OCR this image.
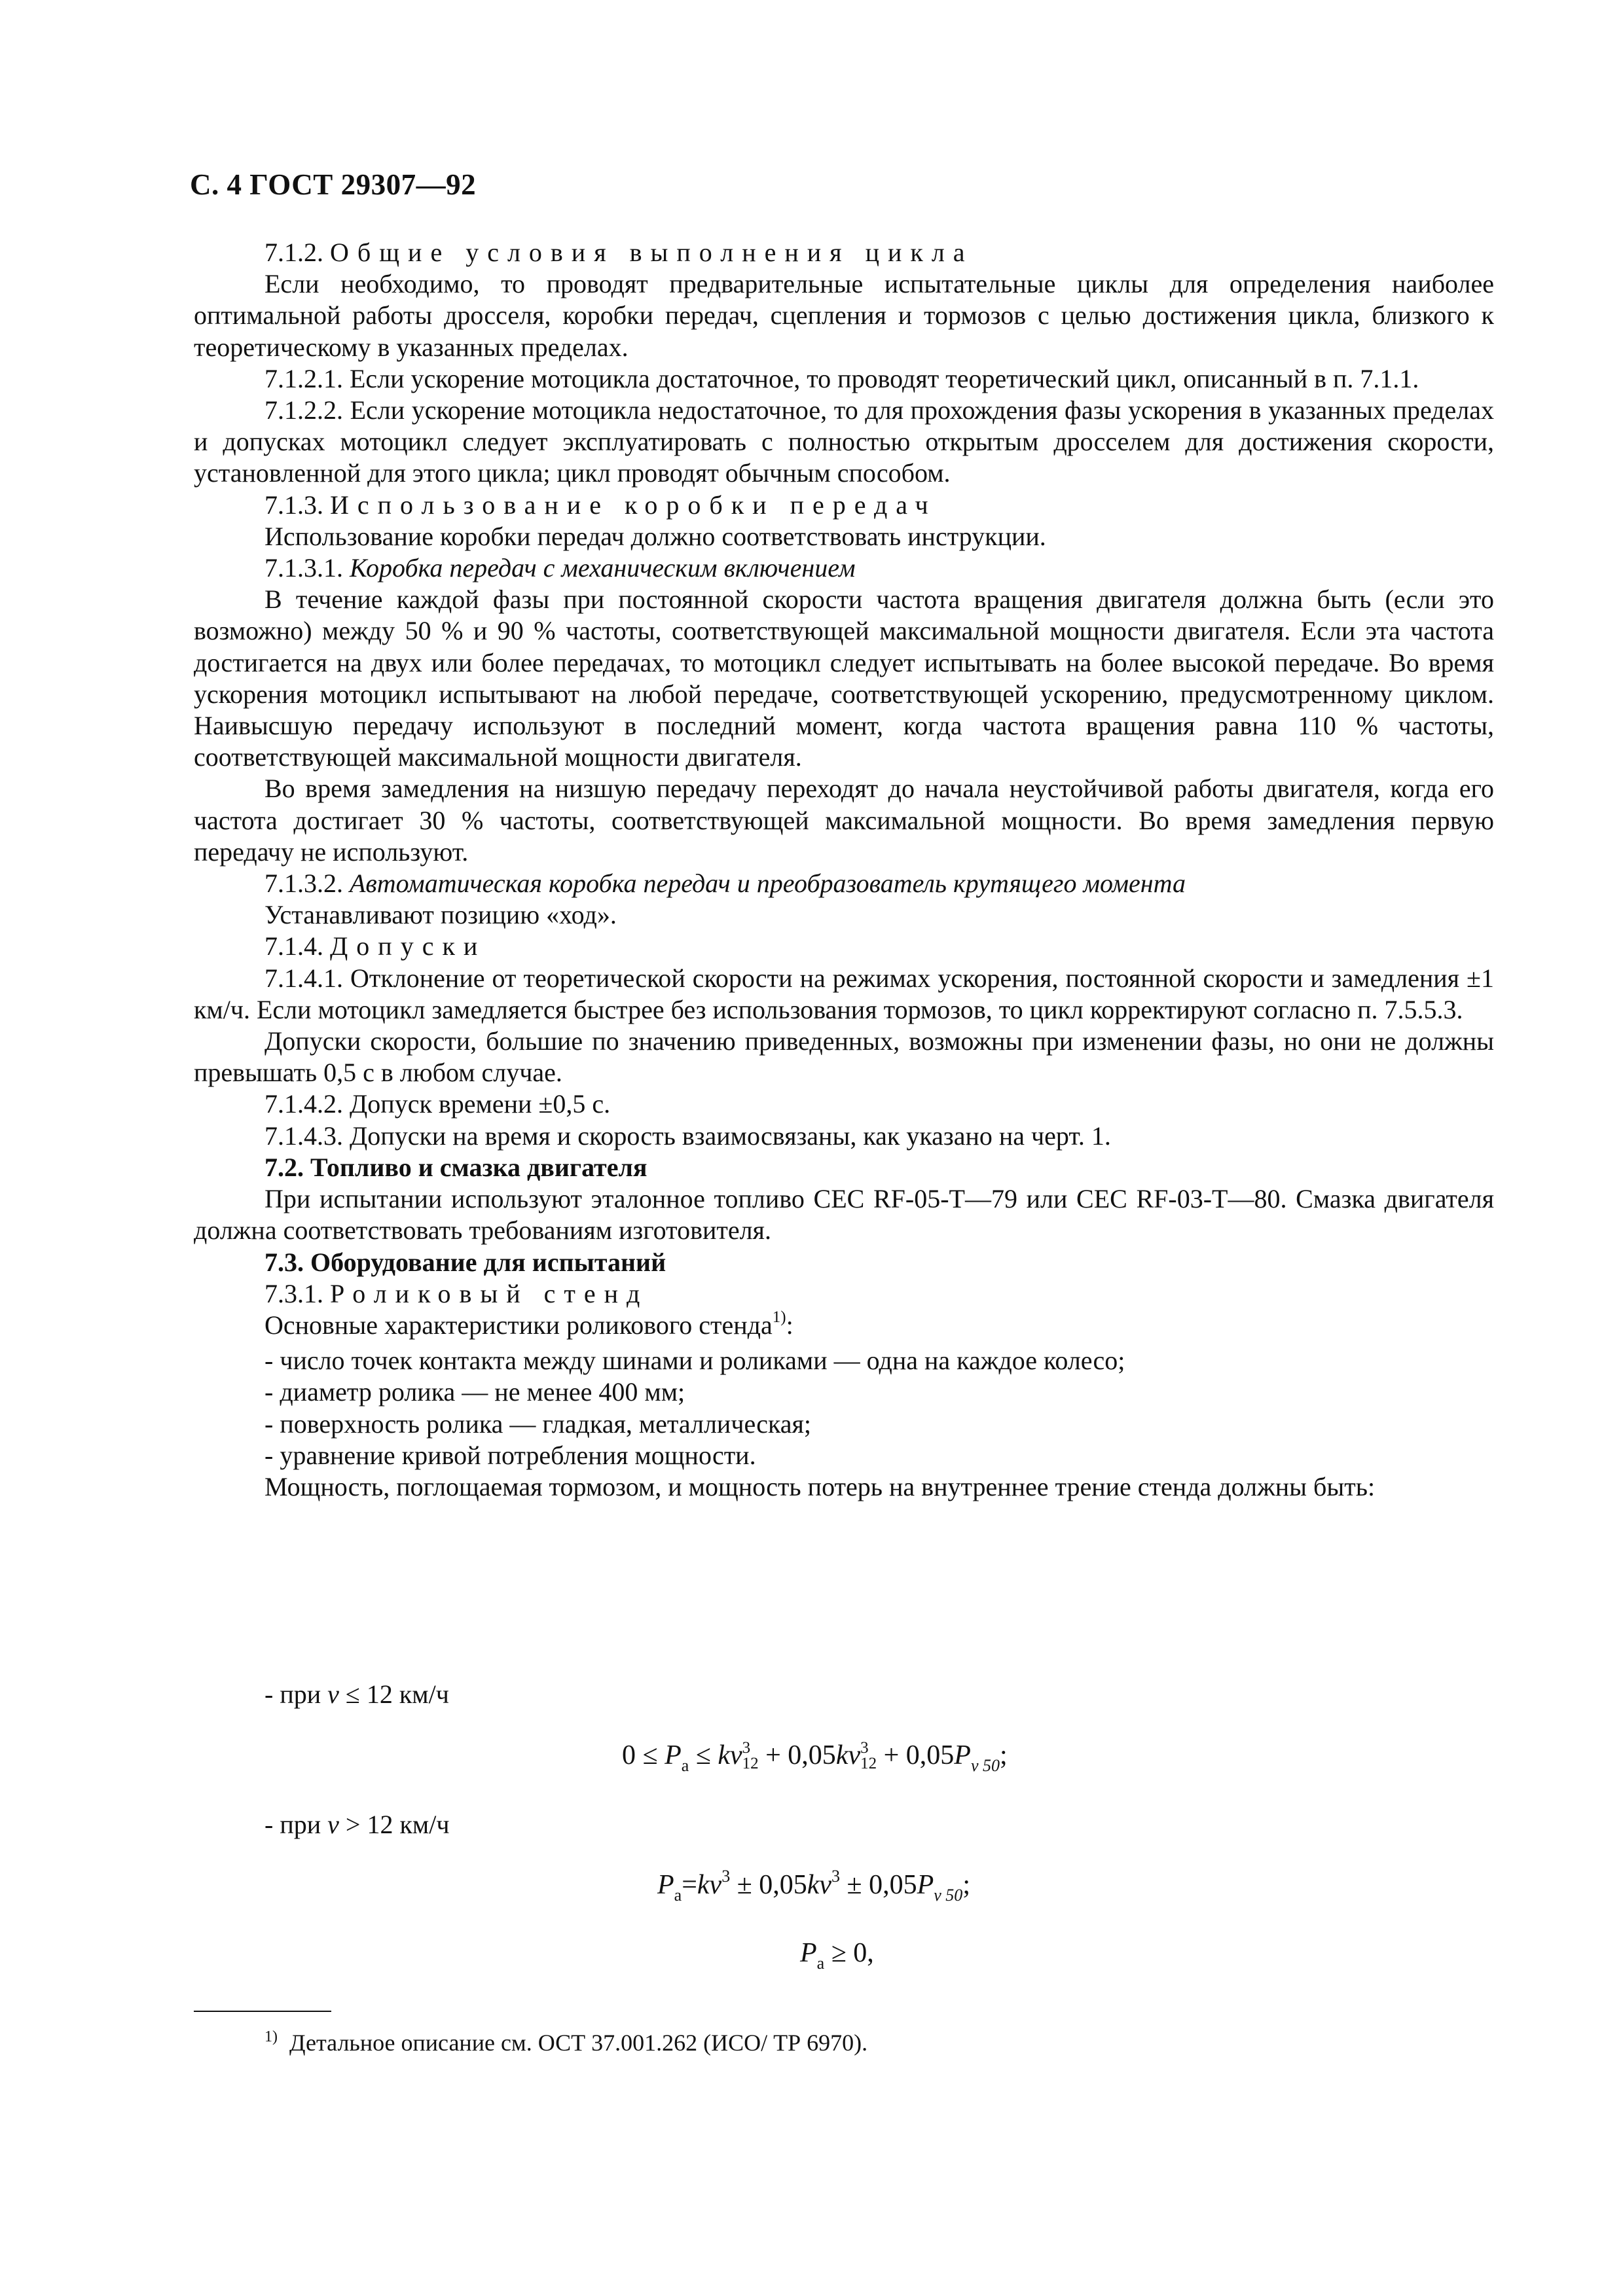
С. 4 ГОСТ 29307—92

7.1.2. Общие условия выполнения цикла

Если необходимо, то проводят предварительные испытательные циклы для определения наиболее оптимальной работы дросселя, коробки передач, сцепления и тормозов с целью достижения цикла, близкого к теоретическому в указанных пределах.

7.1.2.1. Если ускорение мотоцикла достаточное, то проводят теоретический цикл, описанный в п. 7.1.1.

7.1.2.2. Если ускорение мотоцикла недостаточное, то для прохождения фазы ускорения в указанных пределах и допусках мотоцикл следует эксплуатировать с полностью открытым дросселем для достижения скорости, установленной для этого цикла; цикл проводят обычным способом.

7.1.3. Использование коробки передач

Использование коробки передач должно соответствовать инструкции.

7.1.3.1. Коробка передач с механическим включением

В течение каждой фазы при постоянной скорости частота вращения двигателя должна быть (если это возможно) между 50 % и 90 % частоты, соответствующей максимальной мощности двигателя. Если эта частота достигается на двух или более передачах, то мотоцикл следует испытывать на более высокой передаче. Во время ускорения мотоцикл испытывают на любой передаче, соответствующей ускорению, предусмотренному циклом. Наивысшую передачу используют в последний момент, когда частота вращения равна 110 % частоты, соответствующей максимальной мощности двигателя.

Во время замедления на низшую передачу переходят до начала неустойчивой работы двигателя, когда его частота достигает 30 % частоты, соответствующей максимальной мощности. Во время замедления первую передачу не используют.

7.1.3.2. Автоматическая коробка передач и преобразователь крутящего момента

Устанавливают позицию «ход».

7.1.4. Допуски

7.1.4.1. Отклонение от теоретической скорости на режимах ускорения, постоянной скорости и замедления ±1 км/ч. Если мотоцикл замедляется быстрее без использования тормозов, то цикл корректируют согласно п. 7.5.5.3.

Допуски скорости, большие по значению приведенных, возможны при изменении фазы, но они не должны превышать 0,5 с в любом случае.

7.1.4.2. Допуск времени ±0,5 с.

7.1.4.3. Допуски на время и скорость взаимосвязаны, как указано на черт. 1.

7.2. Топливо и смазка двигателя

При испытании используют эталонное топливо CEC RF-05-T—79 или CEC RF-03-T—80. Смазка двигателя должна соответствовать требованиям изготовителя.

7.3. Оборудование для испытаний

7.3.1. Роликовый стенд

Основные характеристики роликового стенда$^{1)}$:

- число точек контакта между шинами и роликами — одна на каждое колесо;

- диаметр ролика — не менее 400 мм;

- поверхность ролика — гладкая, металлическая;

- уравнение кривой потребления мощности.

Мощность, поглощаемая тормозом, и мощность потерь на внутреннее трение стенда должны быть:

- при v ≤ 12 км/ч
$0 \le P_a$ ≤ kv 3
12 + 0,05kv 3
$12 + 0,05P_{v 50}$;
- при v > 12 км/ч
$P_a=kv^3 \pm 0,05kv^3 \pm 0,05P_{v 50}$;
$P_a \ge 0$,
$^{1)}$ Детальное описание см. ОСТ 37.001.262 (ИСО/ ТР 6970).
